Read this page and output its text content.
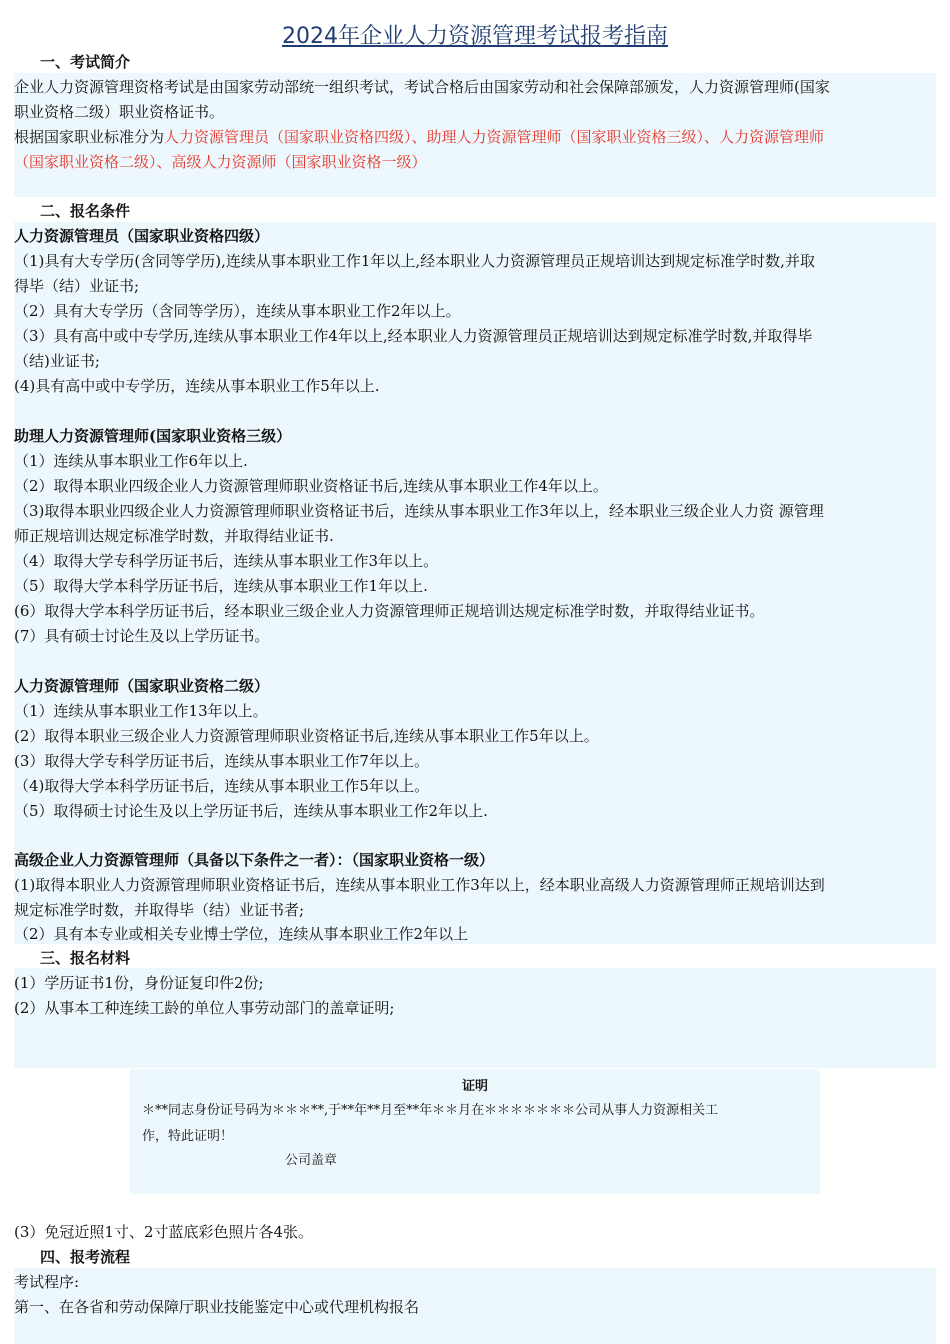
2024年企业人力资源管理考试报考指南
一、考试简介
企业人力资源管理资格考试是由国家劳动部统一组织考试，考试合格后由国家劳动和社会保障部颁发，人力资源管理师(国家
职业资格二级）职业资格证书。
根据国家职业标准分为人力资源管理员（国家职业资格四级）、助理人力资源管理师（国家职业资格三级）、人力资源管理师
（国家职业资格二级）、高级人力资源师（国家职业资格一级）
二、报名条件
人力资源管理员（国家职业资格四级）
（1)具有大专学历(含同等学历),连续从事本职业工作1年以上,经本职业人力资源管理员正规培训达到规定标准学时数,并取
得毕（结）业证书;
（2）具有大专学历（含同等学历），连续从事本职业工作2年以上。
（3）具有高中或中专学历,连续从事本职业工作4年以上,经本职业人力资源管理员正规培训达到规定标准学时数,并取得毕
（结)业证书;
(4)具有高中或中专学历，连续从事本职业工作5年以上.
助理人力资源管理师(国家职业资格三级）
（1）连续从事本职业工作6年以上.
（2）取得本职业四级企业人力资源管理师职业资格证书后,连续从事本职业工作4年以上。
（3)取得本职业四级企业人力资源管理师职业资格证书后，连续从事本职业工作3年以上，经本职业三级企业人力资 源管理
师正规培训达规定标准学时数，并取得结业证书.
（4）取得大学专科学历证书后，连续从事本职业工作3年以上。
（5）取得大学本科学历证书后，连续从事本职业工作1年以上.
(6）取得大学本科学历证书后，经本职业三级企业人力资源管理师正规培训达规定标准学时数，并取得结业证书。
(7）具有硕士讨论生及以上学历证书。
人力资源管理师（国家职业资格二级）
（1）连续从事本职业工作13年以上。
(2）取得本职业三级企业人力资源管理师职业资格证书后,连续从事本职业工作5年以上。
(3）取得大学专科学历证书后，连续从事本职业工作7年以上。
（4)取得大学本科学历证书后，连续从事本职业工作5年以上。
（5）取得硕士讨论生及以上学历证书后，连续从事本职业工作2年以上.
高级企业人力资源管理师（具备以下条件之一者）：（国家职业资格一级）
(1)取得本职业人力资源管理师职业资格证书后，连续从事本职业工作3年以上，经本职业高级人力资源管理师正规培训达到
规定标准学时数，并取得毕（结）业证书者;
（2）具有本专业或相关专业博士学位，连续从事本职业工作2年以上
三、报名材料
(1）学历证书1份，身份证复印件2份;
(2）从事本工种连续工龄的单位人事劳动部门的盖章证明;
证明
＊**同志身份证号码为＊＊＊**,于**年**月至**年＊＊月在＊＊＊＊＊＊＊公司从事人力资源相关工
作，特此证明！
公司盖章
(3）免冠近照1寸、2寸蓝底彩色照片各4张。
四、报考流程
考试程序:
第一、在各省和劳动保障厅职业技能鉴定中心或代理机构报名
